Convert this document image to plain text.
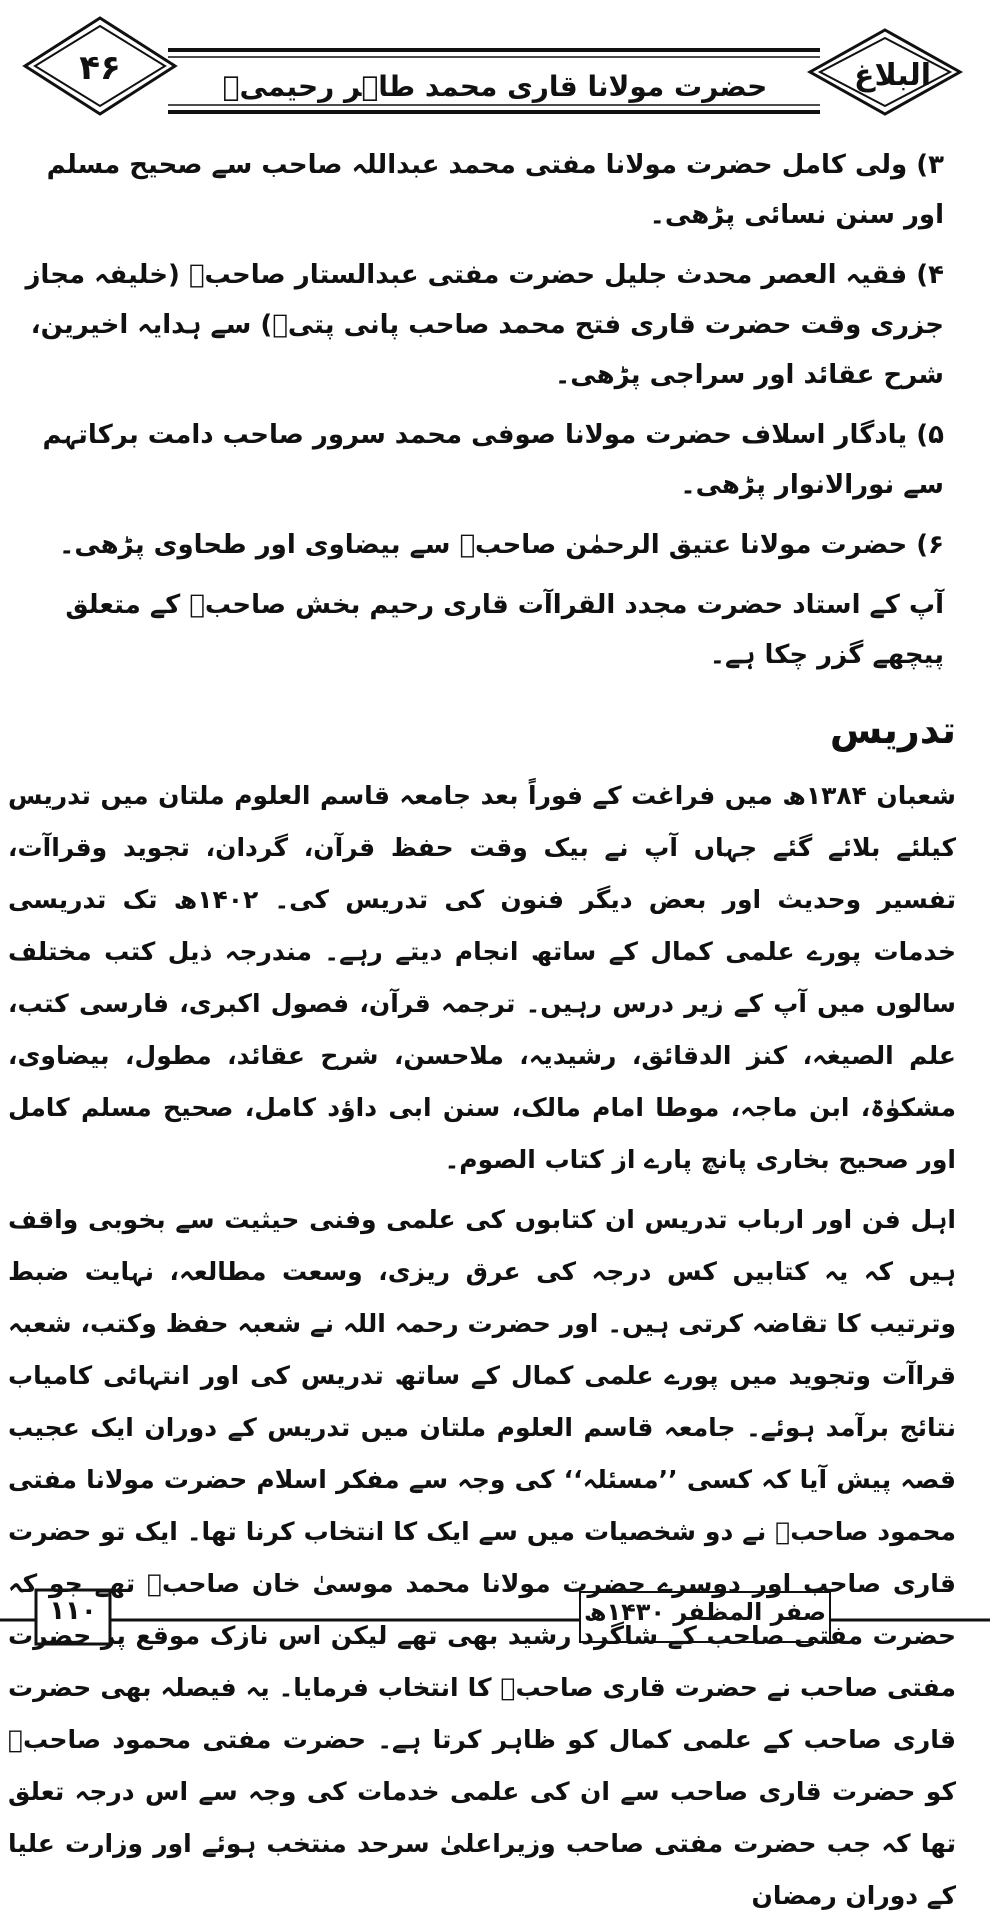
۴۶	حضرت مولانا قاری محمد طاہر رحیمیؒ	البلاغ
۳) ولی کامل حضرت مولانا مفتی محمد عبداللہ صاحب سے صحیح مسلم اور سنن نسائی پڑھی۔
۴) فقیہ العصر محدث جلیل حضرت مفتی عبدالستار صاحبؒ (خلیفہ مجاز جزری وقت حضرت قاری فتح محمد صاحب پانی پتیؒ) سے ہدایہ اخیرین، شرح عقائد اور سراجی پڑھی۔
۵) یادگار اسلاف حضرت مولانا صوفی محمد سرور صاحب دامت برکاتہم سے نورالانوار پڑھی۔
۶) حضرت مولانا عتیق الرحمٰن صاحبؒ سے بیضاوی اور طحاوی پڑھی۔
آپ کے استاد حضرت مجدد القراآت قاری رحیم بخش صاحبؒ کے متعلق پیچھے گزر چکا ہے۔
تدریس
شعبان ۱۳۸۴ھ میں فراغت کے فوراً بعد جامعہ قاسم العلوم ملتان میں تدریس کیلئے بلائے گئے جہاں آپ نے بیک وقت حفظ قرآن، گردان، تجوید وقراآت، تفسیر وحدیث اور بعض دیگر فنون کی تدریس کی۔ ۱۴۰۲ھ تک تدریسی خدمات پورے علمی کمال کے ساتھ انجام دیتے رہے۔ مندرجہ ذیل کتب مختلف سالوں میں آپ کے زیر درس رہیں۔ ترجمہ قرآن، فصول اکبری، فارسی کتب، علم الصیغہ، کنز الدقائق، رشیدیہ، ملاحسن، شرح عقائد، مطول، بیضاوی، مشکوٰۃ، ابن ماجہ، موطا امام مالک، سنن ابی داؤد کامل، صحیح مسلم کامل اور صحیح بخاری پانچ پارے از کتاب الصوم۔
اہل فن اور ارباب تدریس ان کتابوں کی علمی وفنی حیثیت سے بخوبی واقف ہیں کہ یہ کتابیں کس درجہ کی عرق ریزی، وسعت مطالعہ، نہایت ضبط وترتیب کا تقاضہ کرتی ہیں۔ اور حضرت رحمہ اللہ نے شعبہ حفظ وکتب، شعبہ قراآت وتجوید میں پورے علمی کمال کے ساتھ تدریس کی اور انتہائی کامیاب نتائج برآمد ہوئے۔ جامعہ قاسم العلوم ملتان میں تدریس کے دوران ایک عجیب قصہ پیش آیا کہ کسی ’’مسئلہ‘‘ کی وجہ سے مفکر اسلام حضرت مولانا مفتی محمود صاحبؒ نے دو شخصیات میں سے ایک کا انتخاب کرنا تھا۔ ایک تو حضرت قاری صاحب اور دوسرے حضرت مولانا محمد موسیٰ خان صاحبؒ تھے جو کہ حضرت مفتی صاحب کے شاگرد رشید بھی تھے لیکن اس نازک موقع پر حضرت مفتی صاحب نے حضرت قاری صاحبؒ کا انتخاب فرمایا۔ یہ فیصلہ بھی حضرت قاری صاحب کے علمی کمال کو ظاہر کرتا ہے۔ حضرت مفتی محمود صاحبؒ کو حضرت قاری صاحب سے ان کی علمی خدمات کی وجہ سے اس درجہ تعلق تھا کہ جب حضرت مفتی صاحب وزیراعلیٰ سرحد منتخب ہوئے اور وزارت علیا کے دوران رمضان
۱۱۰	صفر المظفر ۱۴۳۰ھ
